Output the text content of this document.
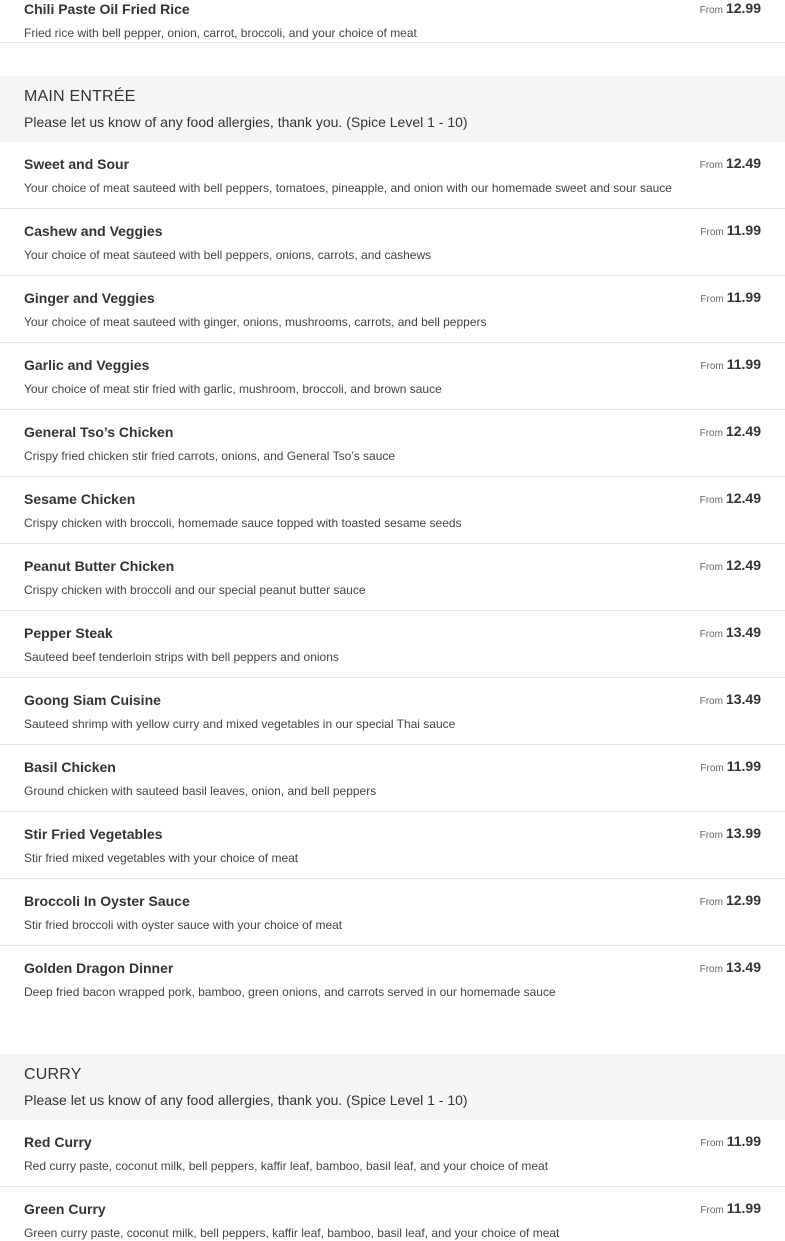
Chili Paste Oil Fried Rice
Fried rice with bell pepper, onion, carrot, broccoli, and your choice of meat
From 12.99
MAIN ENTRÉE
Please let us know of any food allergies, thank you. (Spice Level 1 - 10)
Sweet and Sour
Your choice of meat sauteed with bell peppers, tomatoes, pineapple, and onion with our homemade sweet and sour sauce
From 12.49
Cashew and Veggies
Your choice of meat sauteed with bell peppers, onions, carrots, and cashews
From 11.99
Ginger and Veggies
Your choice of meat sauteed with ginger, onions, mushrooms, carrots, and bell peppers
From 11.99
Garlic and Veggies
Your choice of meat stir fried with garlic, mushroom, broccoli, and brown sauce
From 11.99
General Tso’s Chicken
Crispy fried chicken stir fried carrots, onions, and General Tso’s sauce
From 12.49
Sesame Chicken
Crispy chicken with broccoli, homemade sauce topped with toasted sesame seeds
From 12.49
Peanut Butter Chicken
Crispy chicken with broccoli and our special peanut butter sauce
From 12.49
Pepper Steak
Sauteed beef tenderloin strips with bell peppers and onions
From 13.49
Goong Siam Cuisine
Sauteed shrimp with yellow curry and mixed vegetables in our special Thai sauce
From 13.49
Basil Chicken
Ground chicken with sauteed basil leaves, onion, and bell peppers
From 11.99
Stir Fried Vegetables
Stir fried mixed vegetables with your choice of meat
From 13.99
Broccoli In Oyster Sauce
Stir fried broccoli with oyster sauce with your choice of meat
From 12.99
Golden Dragon Dinner
Deep fried bacon wrapped pork, bamboo, green onions, and carrots served in our homemade sauce
From 13.49
CURRY
Please let us know of any food allergies, thank you. (Spice Level 1 - 10)
Red Curry
Red curry paste, coconut milk, bell peppers, kaffir leaf, bamboo, basil leaf, and your choice of meat
From 11.99
Green Curry
Green curry paste, coconut milk, bell peppers, kaffir leaf, bamboo, basil leaf, and your choice of meat
From 11.99
